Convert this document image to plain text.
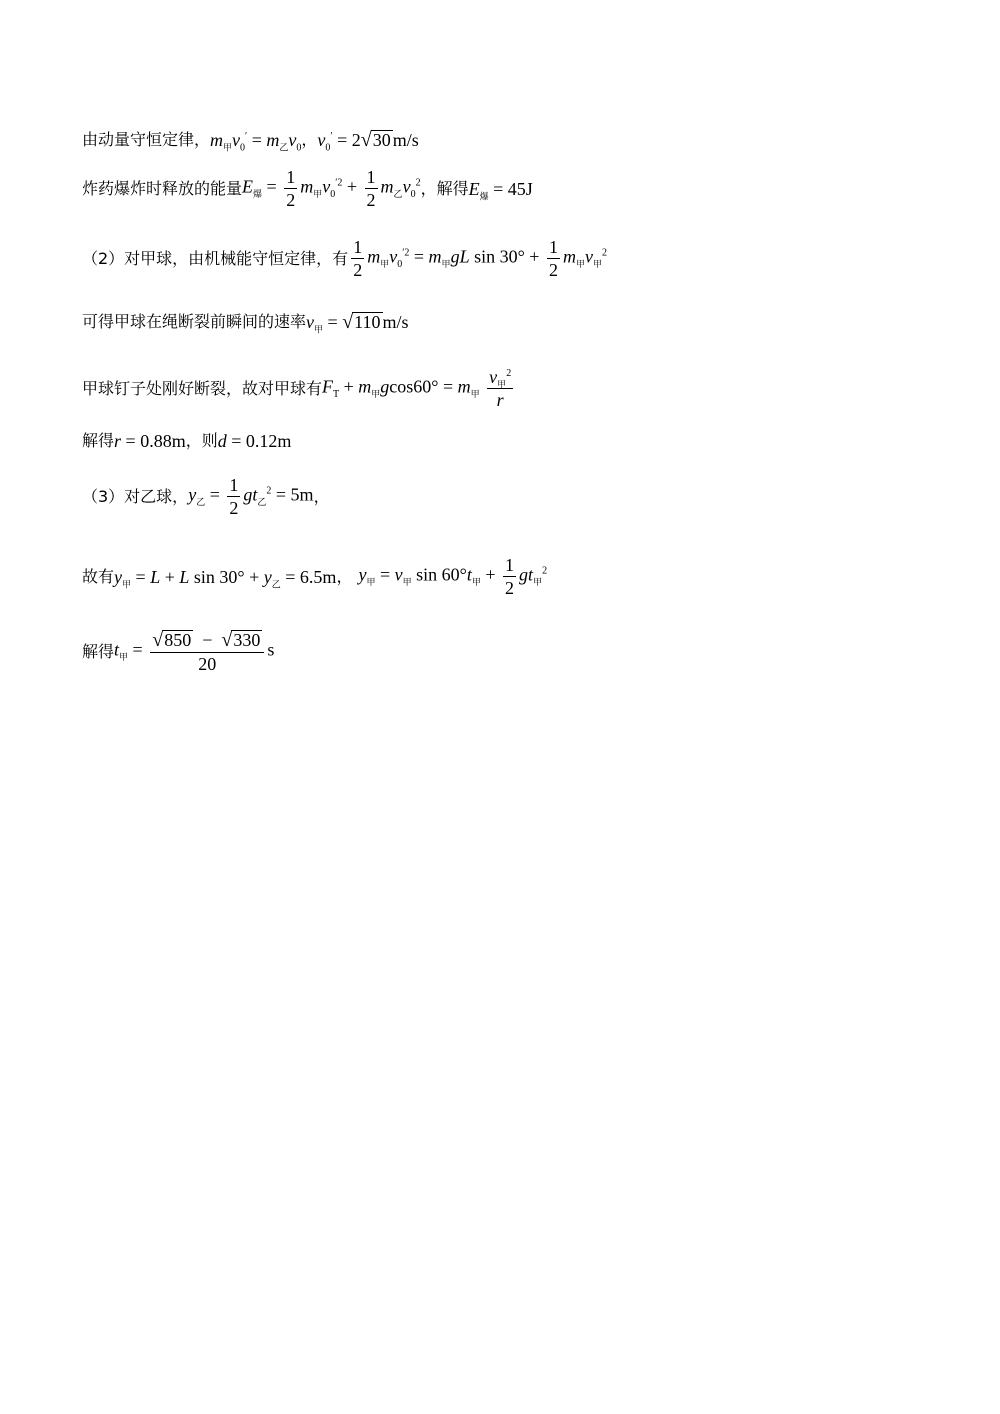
由动量守恒定律， $m_甲v_0' = m_乙v_0$ ， $v_0' = 2$ √ 30 m/s
炸药爆炸时释放的能量 $E_爆 = \frac{1}{2} m_甲v_0^{'2} + \frac{1}{2} m_乙v_0^2$ ，解得 $E_爆 = 45J$
（2）对甲球，由机械能守恒定律，有 $\frac{1}{2} m_甲v_0^{'2} = m_甲gL$ $\sin 30^\circ + \frac{1}{2} m_甲v_甲^2$
可得甲球在绳断裂前瞬间的速率 $v_甲$ = √ 110 m/s
甲球钉子处刚好断裂，故对甲球有 $F_T + m_甲gcos60^\circ = m_甲 \frac{v_甲^2}{r}$
解得 r = 0.88m ，则 d = 0.12m
（3）对乙球， $y_乙 = \frac{1}{2} gt_乙^2 = 5m$ ，
故有 $y_甲 = L + L$ $\sin 30^\circ + y_乙 = 6.5m$ ， $y_甲 = v_甲$ $\sin 60^\circ t_甲 + \frac{1}{2} gt_甲^2$
解得 $t_甲 = \frac{√ 850 - √ 330}{20}$ s
